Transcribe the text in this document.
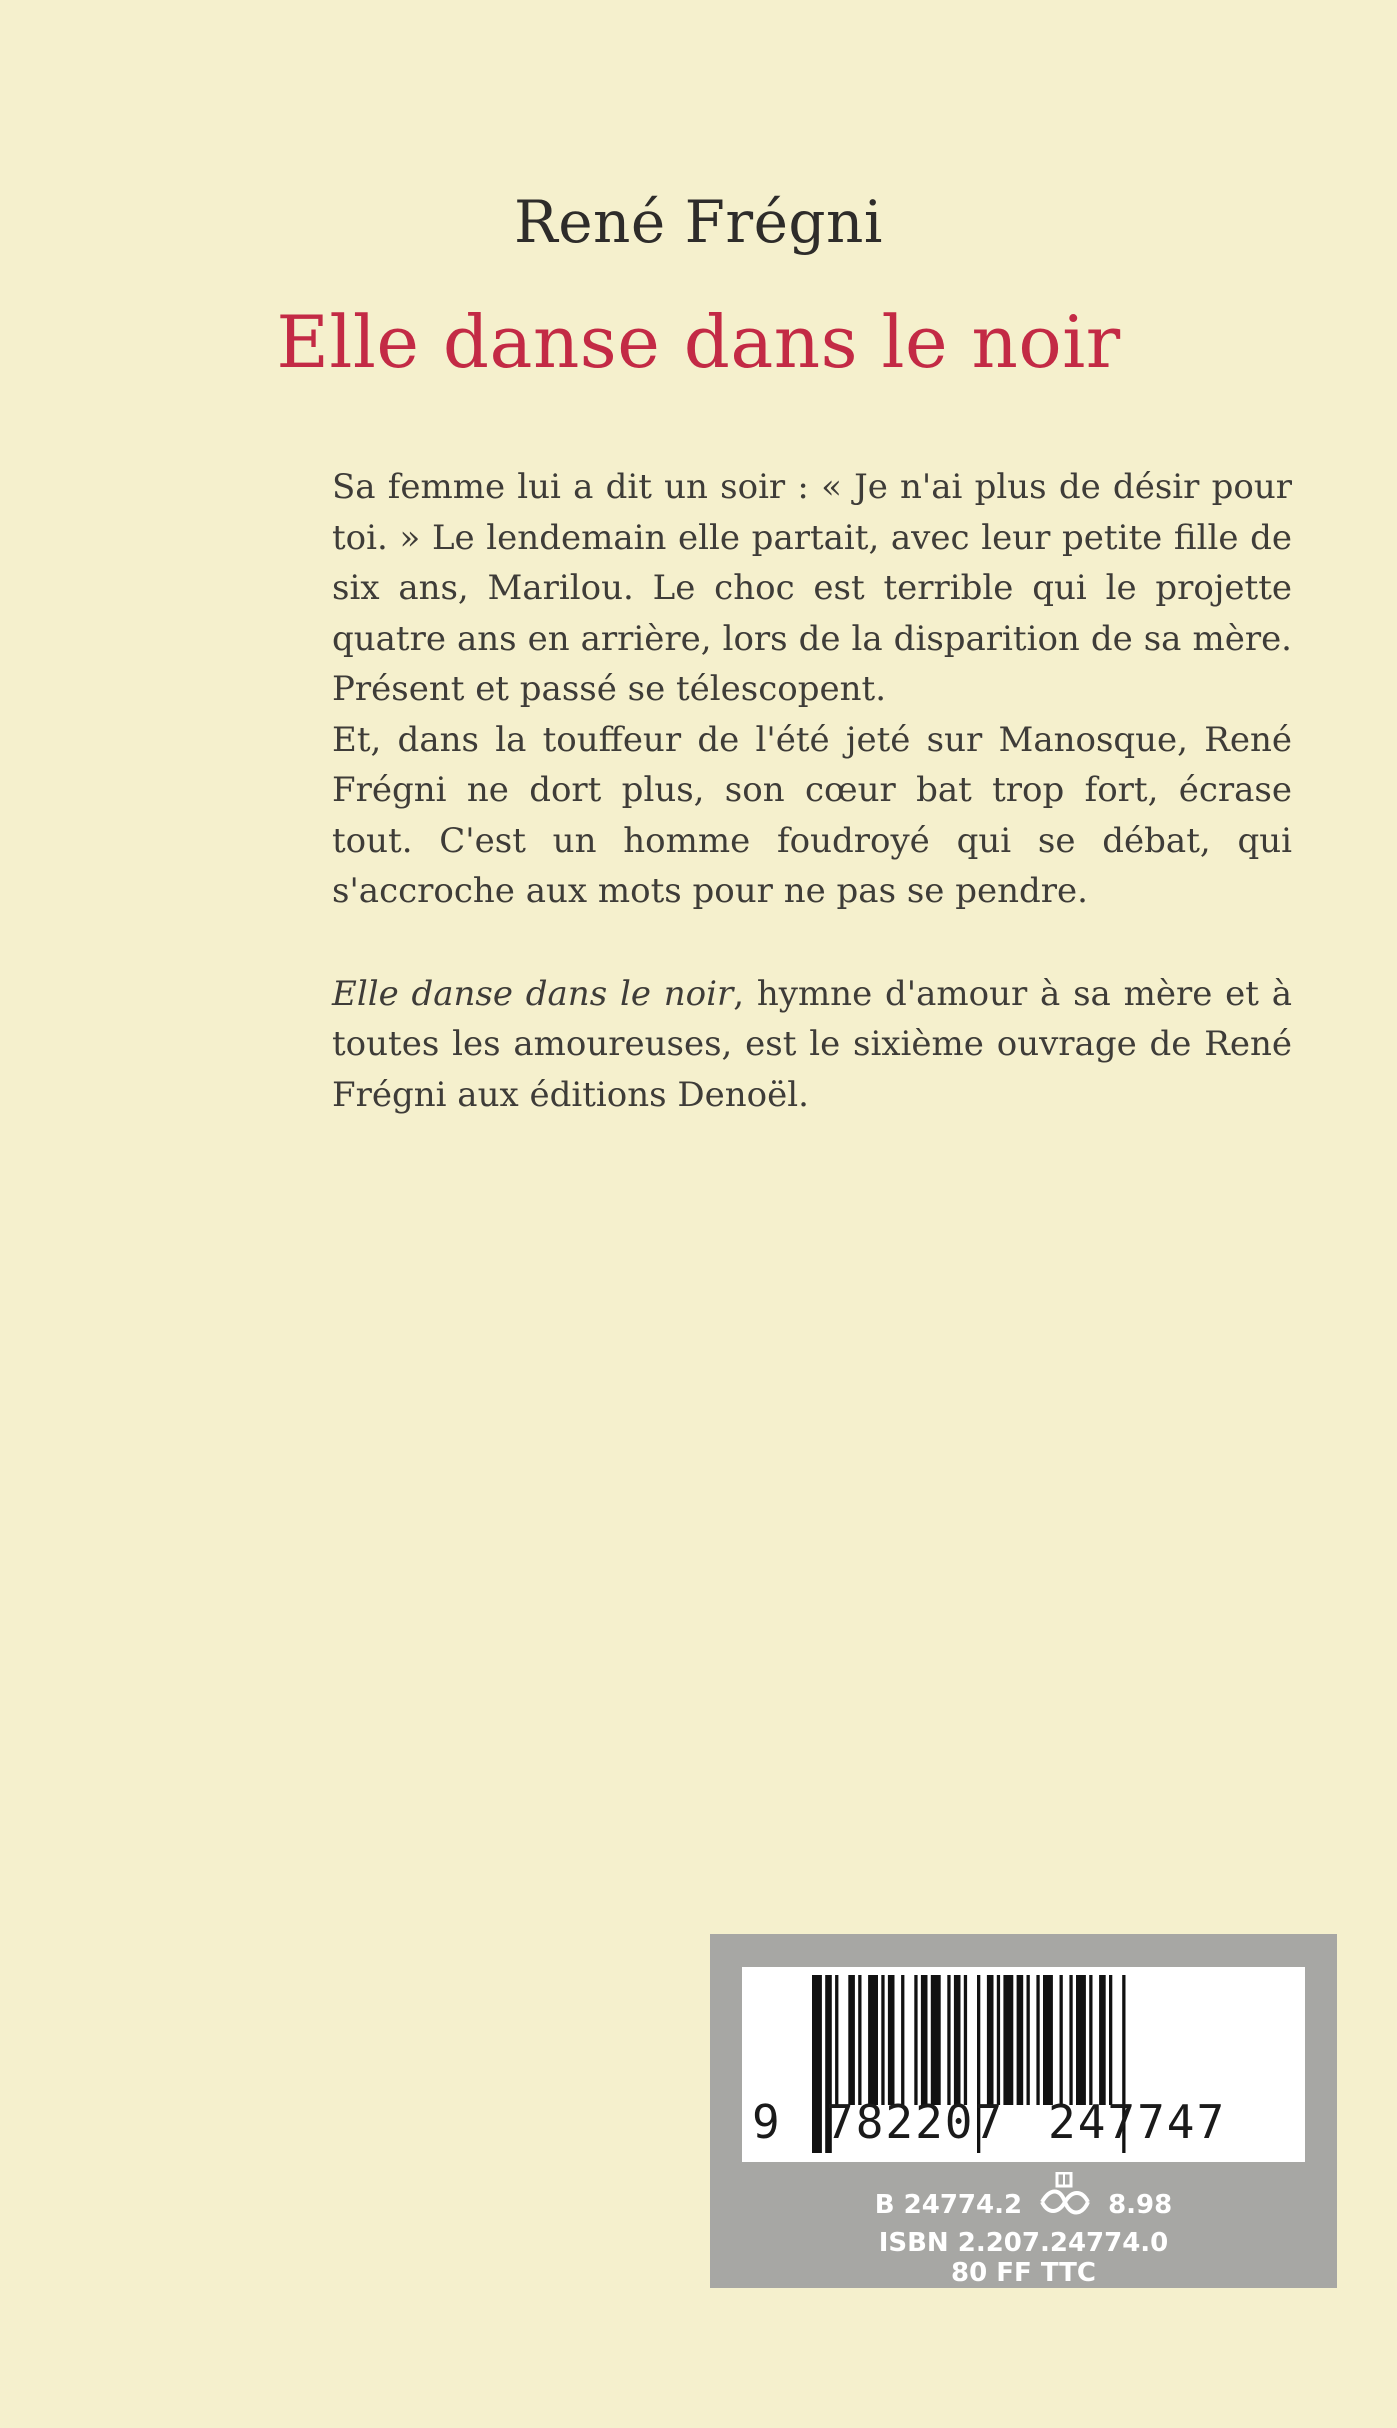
René Frégni
Elle danse dans le noir

Sa femme lui a dit un soir : « Je n'ai plus de désir pour toi. » Le lendemain elle partait, avec leur petite fille de six ans, Marilou. Le choc est terrible qui le projette quatre ans en arrière, lors de la disparition de sa mère. Présent et passé se télescopent.

Et, dans la touffeur de l'été jeté sur Manosque, René Frégni ne dort plus, son cœur bat trop fort, écrase tout. C'est un homme foudroyé qui se débat, qui s'accroche aux mots pour ne pas se pendre.

Elle danse dans le noir, hymne d'amour à sa mère et à toutes les amoureuses, est le sixième ouvrage de René Frégni aux éditions Denoël.

9 782207 247747
B 24774.2	8.98
ISBN 2.207.24774.0
80 FF TTC
